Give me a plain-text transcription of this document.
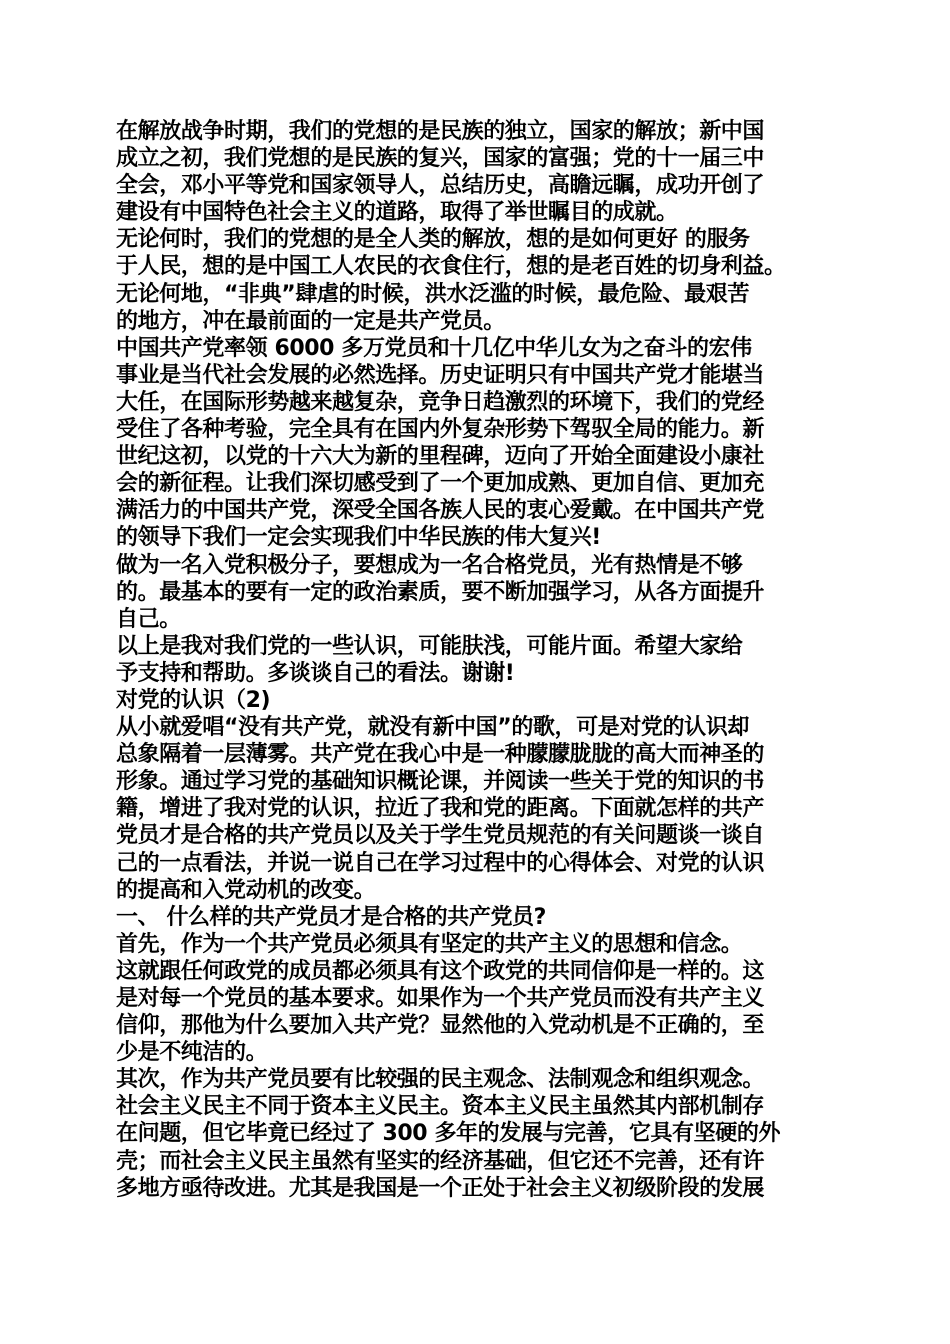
在解放战争时期，我们的党想的是民族的独立，国家的解放；新中国
成立之初，我们党想的是民族的复兴，国家的富强；党的十一届三中
全会，邓小平等党和国家领导人，总结历史，高瞻远瞩，成功开创了
建设有中国特色社会主义的道路，取得了举世瞩目的成就。
无论何时，我们的党想的是全人类的解放，想的是如何更好 的服务
于人民，想的是中国工人农民的衣食住行，想的是老百姓的切身利益。
无论何地，“非典”肆虐的时候，洪水泛滥的时候，最危险、最艰苦
的地方，冲在最前面的一定是共产党员。
中国共产党率领 6000 多万党员和十几亿中华儿女为之奋斗的宏伟
事业是当代社会发展的必然选择。历史证明只有中国共产党才能堪当
大任，在国际形势越来越复杂，竞争日趋激烈的环境下，我们的党经
受住了各种考验，完全具有在国内外复杂形势下驾驭全局的能力。新
世纪这初，以党的十六大为新的里程碑，迈向了开始全面建设小康社
会的新征程。让我们深切感受到了一个更加成熟、更加自信、更加充
满活力的中国共产党，深受全国各族人民的衷心爱戴。在中国共产党
的领导下我们一定会实现我们中华民族的伟大复兴!
做为一名入党积极分子，要想成为一名合格党员，光有热情是不够
的。最基本的要有一定的政治素质，要不断加强学习，从各方面提升
自己。
以上是我对我们党的一些认识，可能肤浅，可能片面。希望大家给
予支持和帮助。多谈谈自己的看法。谢谢!
对党的认识（2)
从小就爱唱“没有共产党，就没有新中国”的歌，可是对党的认识却
总象隔着一层薄雾。共产党在我心中是一种朦朦胧胧的高大而神圣的
形象。通过学习党的基础知识概论课，并阅读一些关于党的知识的书
籍，增进了我对党的认识，拉近了我和党的距离。下面就怎样的共产
党员才是合格的共产党员以及关于学生党员规范的有关问题谈一谈自
己的一点看法，并说一说自己在学习过程中的心得体会、对党的认识
的提高和入党动机的改变。
一、 什么样的共产党员才是合格的共产党员?
首先，作为一个共产党员必须具有坚定的共产主义的思想和信念。
这就跟任何政党的成员都必须具有这个政党的共同信仰是一样的。这
是对每一个党员的基本要求。如果作为一个共产党员而没有共产主义
信仰，那他为什么要加入共产党？显然他的入党动机是不正确的，至
少是不纯洁的。
其次，作为共产党员要有比较强的民主观念、法制观念和组织观念。
社会主义民主不同于资本主义民主。资本主义民主虽然其内部机制存
在问题，但它毕竟已经过了 300 多年的发展与完善，它具有坚硬的外
壳；而社会主义民主虽然有坚实的经济基础，但它还不完善，还有许
多地方亟待改进。尤其是我国是一个正处于社会主义初级阶段的发展
